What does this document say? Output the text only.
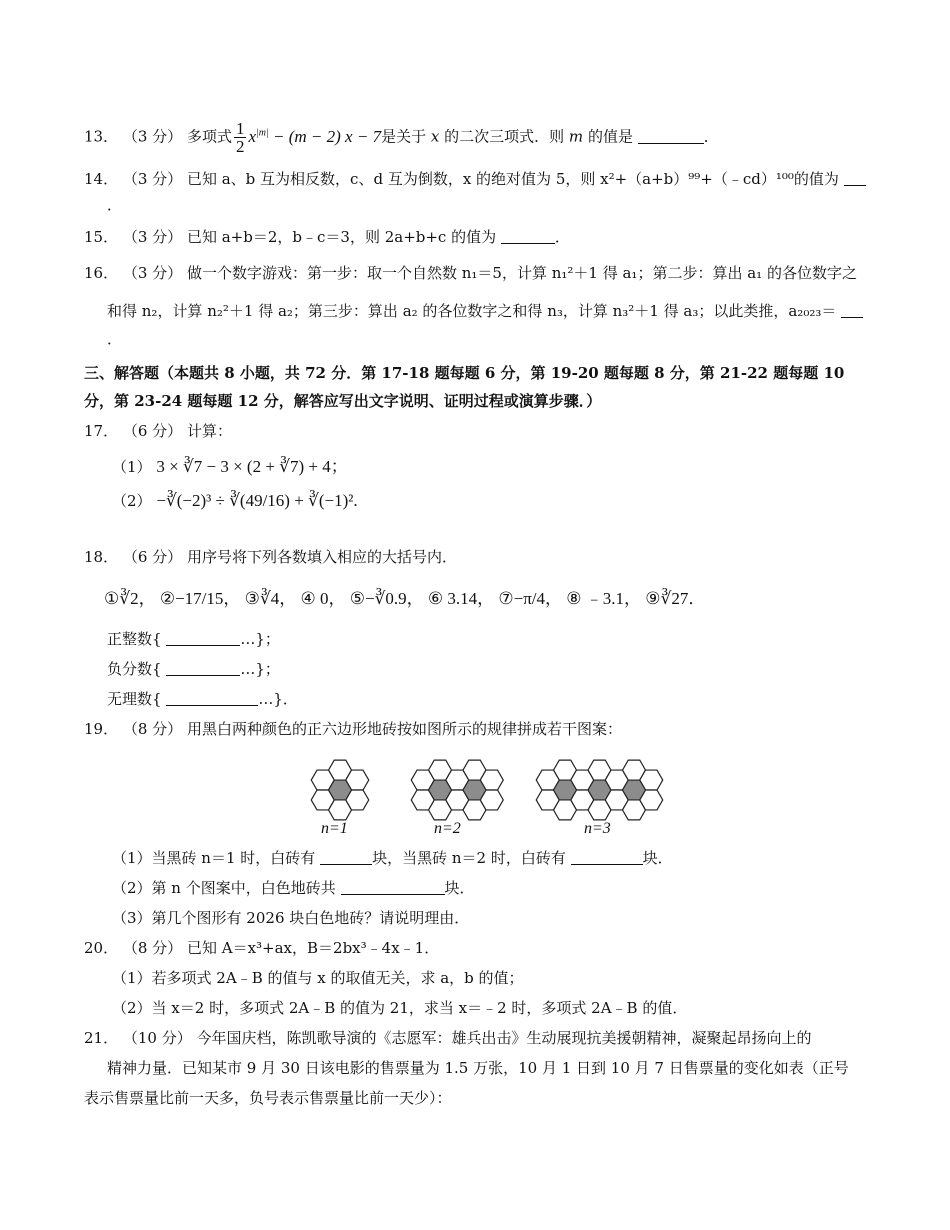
13． （3 分） 多项式 $\frac{1}{2} x^{|m|} - (m - 2) x - 7$是关于 x 的二次三项式．则 m 的值是	．
14． （3 分） 已知 a、b 互为相反数，c、d 互为倒数，x 的绝对值为 5，则 x²+（a+b）⁹⁹+（﹣cd）¹⁰⁰的值为
．
15． （3 分） 已知 a+b＝2，b﹣c＝3，则 2a+b+c 的值为	．
16． （3 分） 做一个数字游戏：第一步：取一个自然数 n₁＝5，计算 n₁²＋1 得 a₁；第二步：算出 a₁ 的各位数字之
和得 n₂，计算 n₂²＋1 得 a₂；第三步：算出 a₂ 的各位数字之和得 n₃，计算 n₃²＋1 得 a₃；以此类推，a₂₀₂₃＝
．
三、解答题（本题共 8 小题，共 72 分．第 17-18 题每题 6 分，第 19-20 题每题 8 分，第 21-22 题每题 10
分，第 23-24 题每题 12 分，解答应写出文字说明、证明过程或演算步骤．）
17． （6 分） 计算：
（1） 3 × ∛7 − 3 × (2 + ∛7) + 4；
（2） −∛(−2)³ ÷ ∛(49/16) + ∛(−1)².
18． （6 分） 用序号将下列各数填入相应的大括号内．
①∛2， ②−17/15， ③∛4， ④ 0， ⑤−∛0.9， ⑥ 3.14， ⑦−π/4， ⑧ ﹣3.1， ⑨∛27．
正整数{	…}；
负分数{	…}；
无理数{	…}．
19． （8 分） 用黑白两种颜色的正六边形地砖按如图所示的规律拼成若干图案：
n=1	n=2	n=3
（1）当黑砖 n＝1 时，白砖有	块，当黑砖 n＝2 时，白砖有	块．
（2）第 n 个图案中，白色地砖共	块．
（3）第几个图形有 2026 块白色地砖？请说明理由．
20． （8 分） 已知 A＝x³+ax，B＝2bx³﹣4x﹣1．
（1）若多项式 2A﹣B 的值与 x 的取值无关，求 a，b 的值；
（2）当 x＝2 时，多项式 2A﹣B 的值为 21，求当 x＝﹣2 时，多项式 2A﹣B 的值．
21． （10 分） 今年国庆档，陈凯歌导演的《志愿军：雄兵出击》生动展现抗美援朝精神，凝聚起昂扬向上的
精神力量．已知某市 9 月 30 日该电影的售票量为 1.5 万张，10 月 1 日到 10 月 7 日售票量的变化如表（正号
表示售票量比前一天多，负号表示售票量比前一天少）：
